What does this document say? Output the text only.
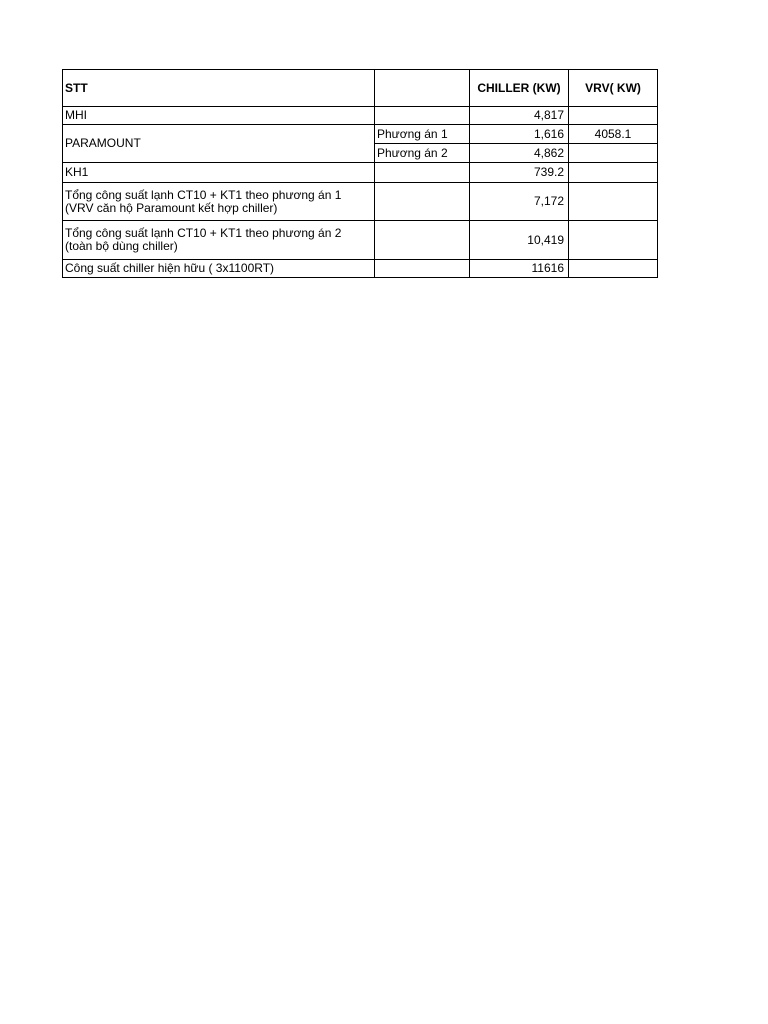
STT		CHILLER (KW)	VRV( KW)
MHI		4,817	
PARAMOUNT	Phương án 1	1,616	4058.1
	Phương án 2	4,862	
KH1		739.2	
Tổng công suất lạnh CT10 + KT1 theo phương án 1
(VRV căn hộ Paramount kết hợp chiller)		7,172	
Tổng công suất lạnh CT10 + KT1 theo phương án 2
(toàn bộ dùng chiller)		10,419	
Công suất chiller hiện hữu ( 3x1100RT)		11616	
